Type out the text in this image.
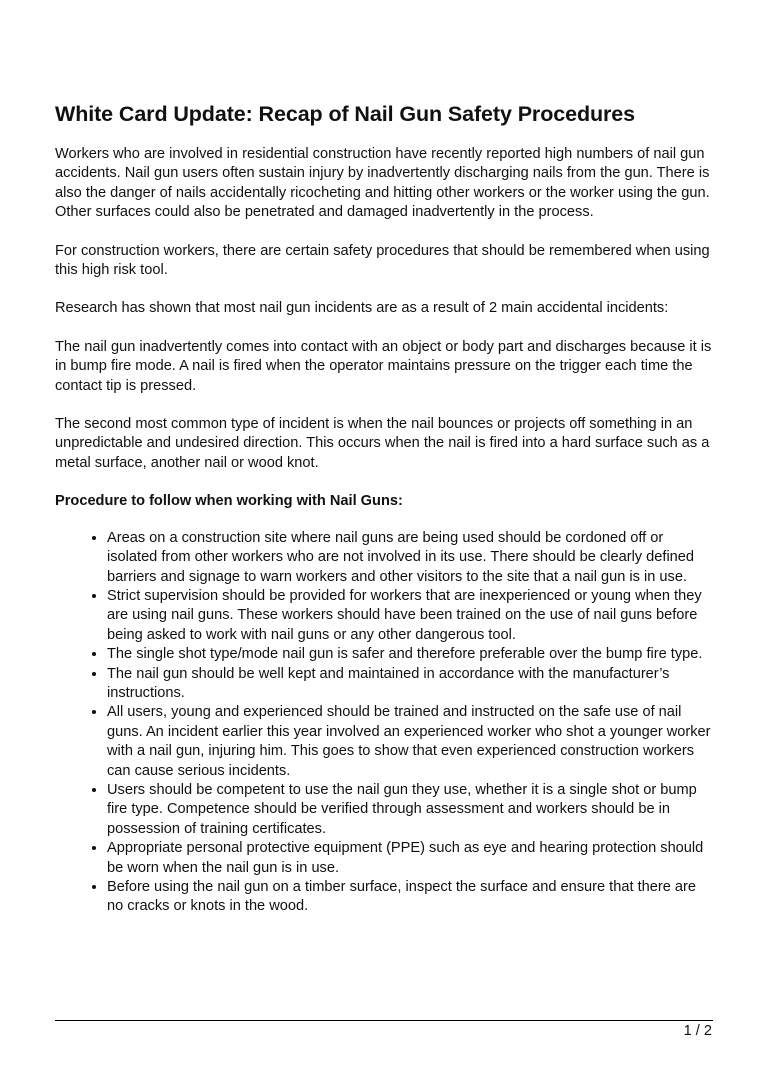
White Card Update: Recap of Nail Gun Safety Procedures

Workers who are involved in residential construction have recently reported high numbers of nail gun accidents. Nail gun users often sustain injury by inadvertently discharging nails from the gun. There is also the danger of nails accidentally ricocheting and hitting other workers or the worker using the gun. Other surfaces could also be penetrated and damaged inadvertently in the process.

For construction workers, there are certain safety procedures that should be remembered when using this high risk tool.

Research has shown that most nail gun incidents are as a result of 2 main accidental incidents:

The nail gun inadvertently comes into contact with an object or body part and discharges because it is in bump fire mode. A nail is fired when the operator maintains pressure on the trigger each time the contact tip is pressed.

The second most common type of incident is when the nail bounces or projects off something in an unpredictable and undesired direction. This occurs when the nail is fired into a hard surface such as a metal surface, another nail or wood knot.

Procedure to follow when working with Nail Guns:

• Areas on a construction site where nail guns are being used should be cordoned off or isolated from other workers who are not involved in its use. There should be clearly defined barriers and signage to warn workers and other visitors to the site that a nail gun is in use.
• Strict supervision should be provided for workers that are inexperienced or young when they are using nail guns. These workers should have been trained on the use of nail guns before being asked to work with nail guns or any other dangerous tool.
• The single shot type/mode nail gun is safer and therefore preferable over the bump fire type.
• The nail gun should be well kept and maintained in accordance with the manufacturer’s instructions.
• All users, young and experienced should be trained and instructed on the safe use of nail guns. An incident earlier this year involved an experienced worker who shot a younger worker with a nail gun, injuring him. This goes to show that even experienced construction workers can cause serious incidents.
• Users should be competent to use the nail gun they use, whether it is a single shot or bump fire type. Competence should be verified through assessment and workers should be in possession of training certificates.
• Appropriate personal protective equipment (PPE) such as eye and hearing protection should be worn when the nail gun is in use.
• Before using the nail gun on a timber surface, inspect the surface and ensure that there are no cracks or knots in the wood.
1 / 2
